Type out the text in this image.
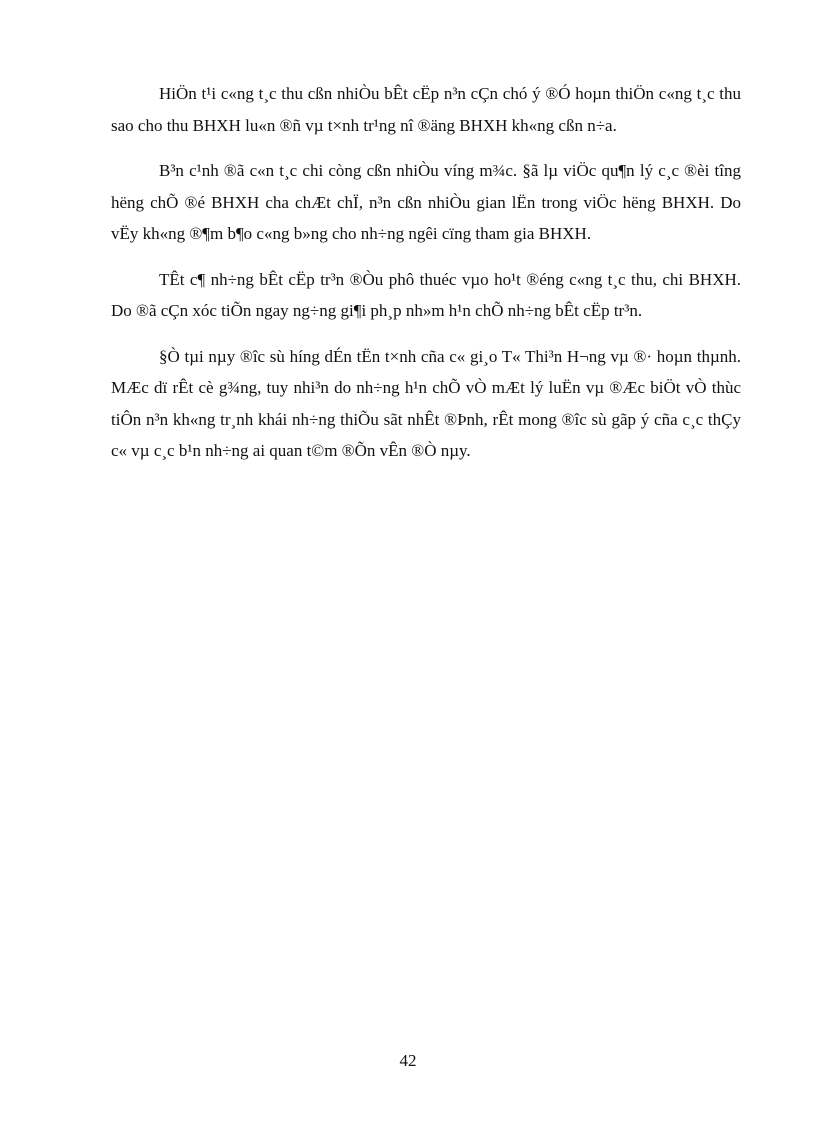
HiÖn t¹i c«ng t¸c thu cßn nhiÒu bÊt cËp n³n cÇn chó ý ®Ó hoµn thiÖn c«ng t¸c thu sao cho thu BHXH lu«n ®ñ vµ t×nh tr¹ng nî ®äng BHXH kh«ng cßn n÷a.

B³n c¹nh ®ã c«n t¸c chi còng cßn nhiÒu víng m¾c. §ã lµ viÖc qu¶n lý c¸c ®èi tîng hëng chÕ ®é BHXH cha chÆt chÏ, n³n cßn nhiÒu gian lËn trong viÖc hëng BHXH. Do vËy kh«ng ®¶m b¶o c«ng b»ng cho nh÷ng ngêi cïng tham gia BHXH.

TÊt c¶ nh÷ng bÊt cËp tr³n ®Òu phô thuéc vµo ho¹t ®éng c«ng t¸c thu, chi BHXH. Do ®ã cÇn xóc tiÕn ngay ng÷ng gi¶i ph¸p nh»m h¹n chÕ nh÷ng bÊt cËp tr³n.

§Ò tµi nµy ®îc sù híng dÉn tËn t×nh cña c« gi¸o T« Thi³n H¬ng vµ ®· hoµn thµnh. MÆc dï rÊt cè g¾ng, tuy nhi³n do nh÷ng h¹n chÕ vÒ mÆt lý luËn vµ ®Æc biÖt vÒ thùc tiÔn n³n kh«ng tr¸nh khái nh÷ng thiÕu sãt nhÊt ®Þnh, rÊt mong ®îc sù gãp ý cña c¸c thÇy c« vµ c¸c b¹n nh÷ng ai quan t©m ®Õn vÊn ®Ò nµy.

42
